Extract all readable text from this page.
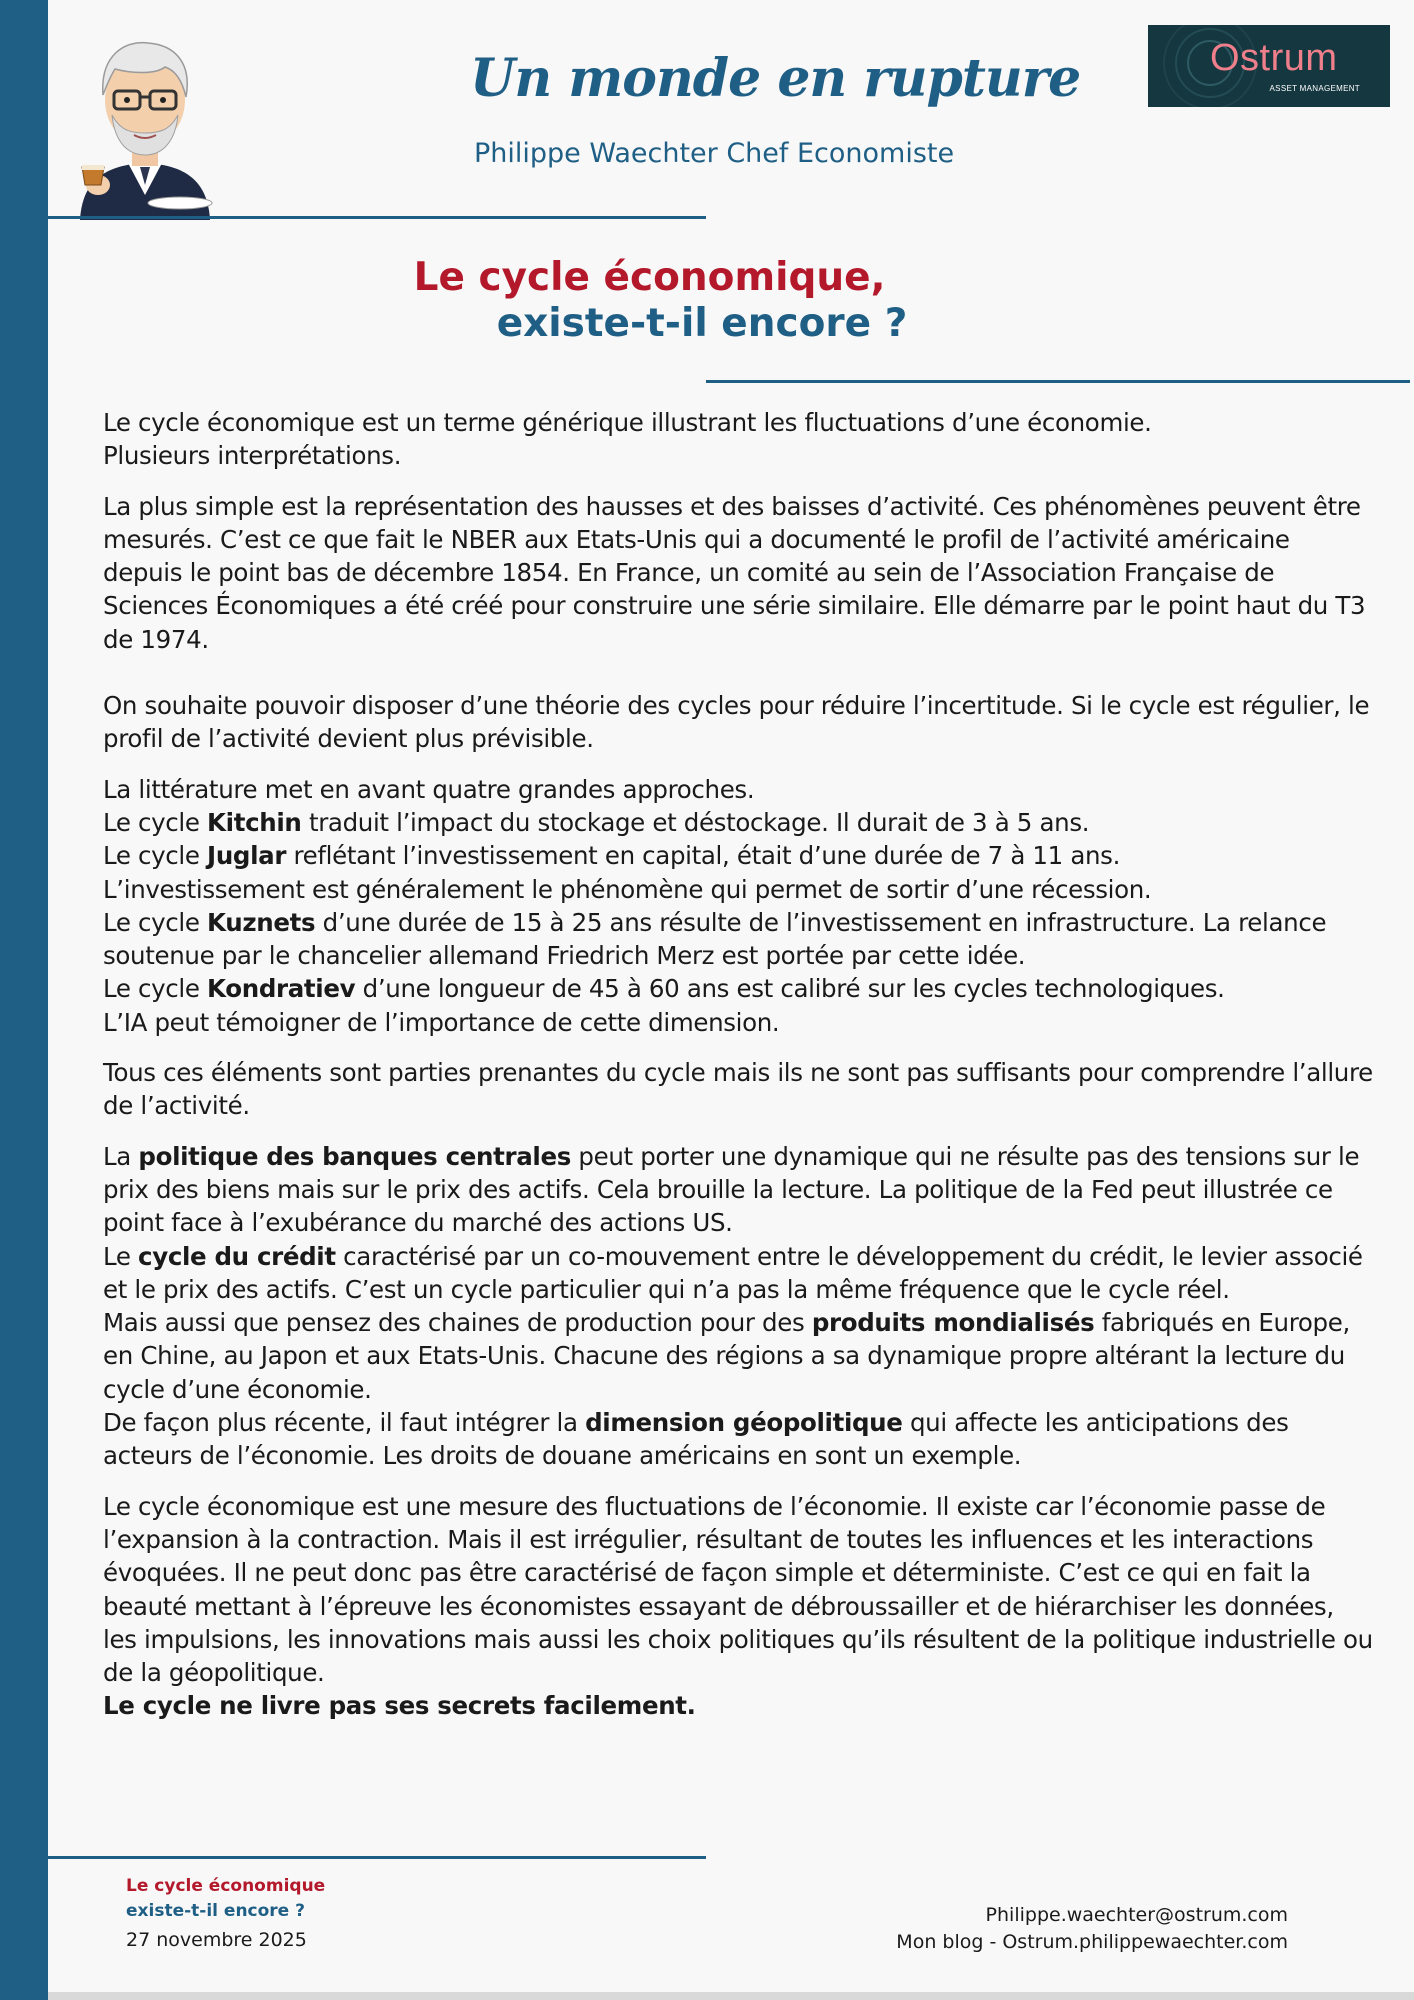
Un monde en rupture
Philippe Waechter Chef Economiste
Ostrum
ASSET MANAGEMENT
Le cycle économique,
existe-t-il encore ?

Le cycle économique est un terme générique illustrant les fluctuations d’une économie.
Plusieurs interprétations.

La plus simple est la représentation des hausses et des baisses d’activité. Ces phénomènes peuvent être mesurés. C’est ce que fait le NBER aux Etats-Unis qui a documenté le profil de l’activité américaine depuis le point bas de décembre 1854. En France, un comité au sein de l’Association Française de Sciences Économiques a été créé pour construire une série similaire. Elle démarre par le point haut du T3 de 1974.

On souhaite pouvoir disposer d’une théorie des cycles pour réduire l’incertitude. Si le cycle est régulier, le profil de l’activité devient plus prévisible.

La littérature met en avant quatre grandes approches.
Le cycle Kitchin traduit l’impact du stockage et déstockage. Il durait de 3 à 5 ans.
Le cycle Juglar reflétant l’investissement en capital, était d’une durée de 7 à 11 ans.
L’investissement est généralement le phénomène qui permet de sortir d’une récession.
Le cycle Kuznets d’une durée de 15 à 25 ans résulte de l’investissement en infrastructure. La relance soutenue par le chancelier allemand Friedrich Merz est portée par cette idée.
Le cycle Kondratiev d’une longueur de 45 à 60 ans est calibré sur les cycles technologiques.
L’IA peut témoigner de l’importance de cette dimension.

Tous ces éléments sont parties prenantes du cycle mais ils ne sont pas suffisants pour comprendre l’allure de l’activité.

La politique des banques centrales peut porter une dynamique qui ne résulte pas des tensions sur le prix des biens mais sur le prix des actifs. Cela brouille la lecture. La politique de la Fed peut illustrée ce point face à l’exubérance du marché des actions US.
Le cycle du crédit caractérisé par un co-mouvement entre le développement du crédit, le levier associé et le prix des actifs. C’est un cycle particulier qui n’a pas la même fréquence que le cycle réel.
Mais aussi que pensez des chaines de production pour des produits mondialisés fabriqués en Europe, en Chine, au Japon et aux Etats-Unis. Chacune des régions a sa dynamique propre altérant la lecture du cycle d’une économie.
De façon plus récente, il faut intégrer la dimension géopolitique qui affecte les anticipations des acteurs de l’économie. Les droits de douane américains en sont un exemple.

Le cycle économique est une mesure des fluctuations de l’économie. Il existe car l’économie passe de l’expansion à la contraction. Mais il est irrégulier, résultant de toutes les influences et les interactions évoquées. Il ne peut donc pas être caractérisé de façon simple et déterministe. C’est ce qui en fait la beauté mettant à l’épreuve les économistes essayant de débroussailler et de hiérarchiser les données, les impulsions, les innovations mais aussi les choix politiques qu’ils résultent de la politique industrielle ou de la géopolitique.
Le cycle ne livre pas ses secrets facilement.

Le cycle économique
existe-t-il encore ?
27 novembre 2025
Philippe.waechter@ostrum.com
Mon blog - Ostrum.philippewaechter.com
